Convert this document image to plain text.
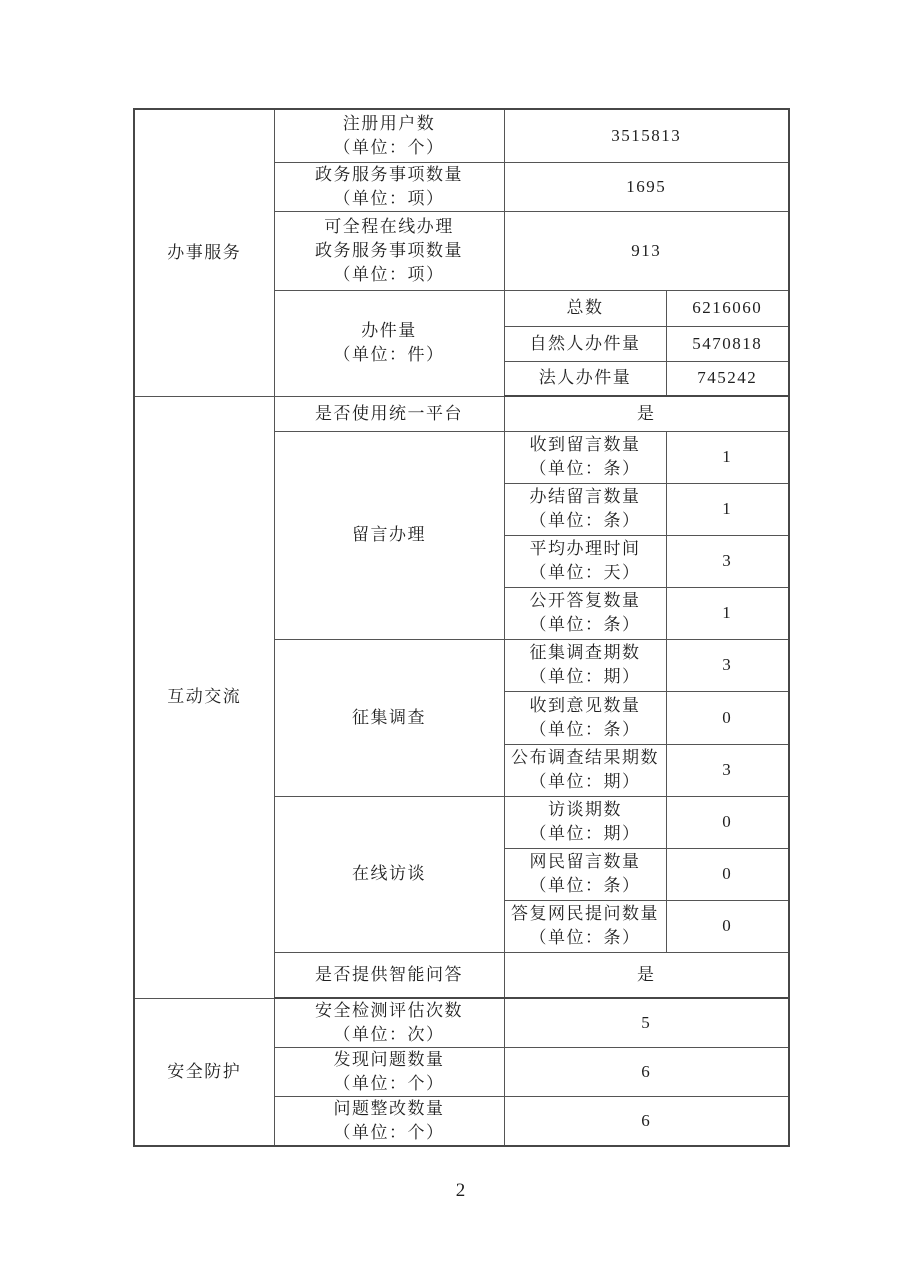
办事服务	注册用户数
（单位：个）	3515813	

	政务服务事项数量
（单位：项）	1695	

	可全程在线办理
政务服务事项数量
（单位：项）	913	

	办件量
（单位：件）	总数	6216060
		自然人办件量	5470818
		法人办件量	745242

互动交流	是否使用统一平台	是	

	留言办理	收到留言数量
（单位：条）	1

		办结留言数量
（单位：条）	1

		平均办理时间
（单位：天）	3

		公开答复数量
（单位：条）	1

	征集调查	征集调查期数
（单位：期）	3

		收到意见数量
（单位：条）	0

		公布调查结果期数
（单位：期）	3

	在线访谈	访谈期数
（单位：期）	0

		网民留言数量
（单位：条）	0

		答复网民提问数量
（单位：条）	0
	是否提供智能问答	是	

安全防护	安全检测评估次数
（单位：次）	5	

	发现问题数量
（单位：个）	6	

	问题整改数量
（单位：个）	6	
2
